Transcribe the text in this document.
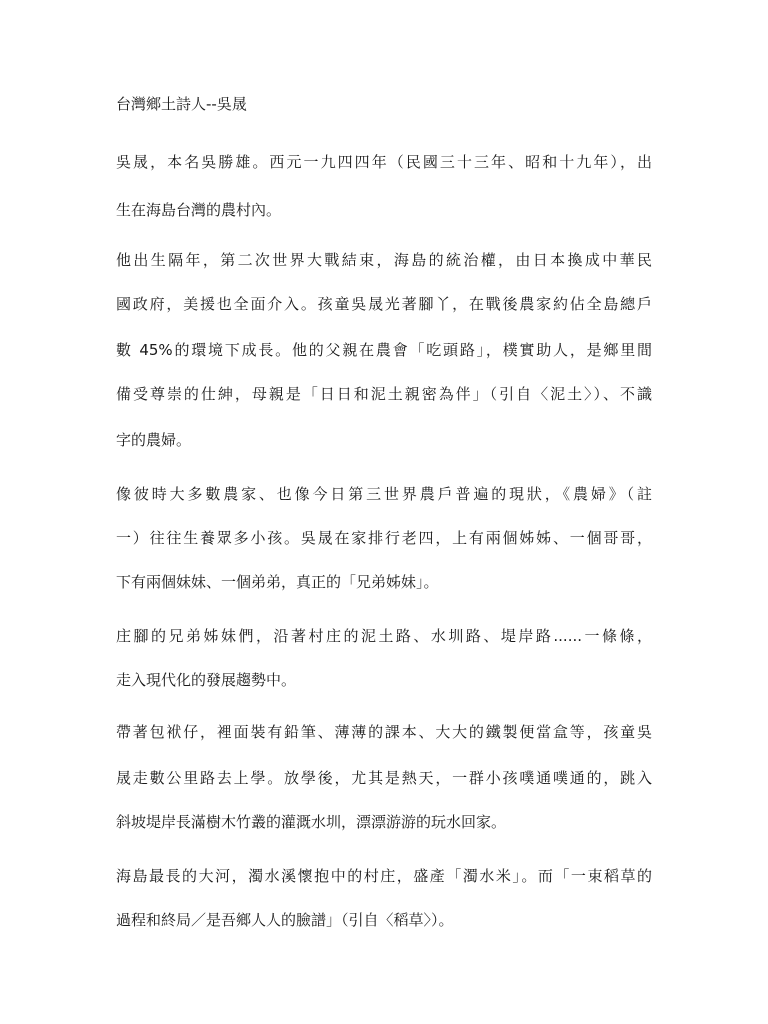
台灣鄉土詩人--吳晟
吳晟，本名吳勝雄。西元一九四四年（民國三十三年、昭和十九年），出
生在海島台灣的農村內。
他出生隔年，第二次世界大戰結束，海島的統治權，由日本換成中華民
國政府，美援也全面介入。孩童吳晟光著腳丫，在戰後農家約佔全島總戶
數 45%的環境下成長。他的父親在農會「吃頭路」，樸實助人，是鄉里間
備受尊崇的仕紳，母親是「日日和泥土親密為伴」（引自〈泥土〉）、不識
字的農婦。
像彼時大多數農家、也像今日第三世界農戶普遍的現狀，《農婦》（註
一）往往生養眾多小孩。吳晟在家排行老四，上有兩個姊姊、一個哥哥，
下有兩個妹妹、一個弟弟，真正的「兄弟姊妹」。
庄腳的兄弟姊妹們，沿著村庄的泥土路、水圳路、堤岸路......一條條，
走入現代化的發展趨勢中。
帶著包袱仔，裡面裝有鉛筆、薄薄的課本、大大的鐵製便當盒等，孩童吳
晟走數公里路去上學。放學後，尤其是熱天，一群小孩噗通噗通的，跳入
斜坡堤岸長滿樹木竹叢的灌溉水圳，漂漂游游的玩水回家。
海島最長的大河，濁水溪懷抱中的村庄，盛產「濁水米」。而「一束稻草的
過程和終局／是吾鄉人人的臉譜」（引自〈稻草〉）。
